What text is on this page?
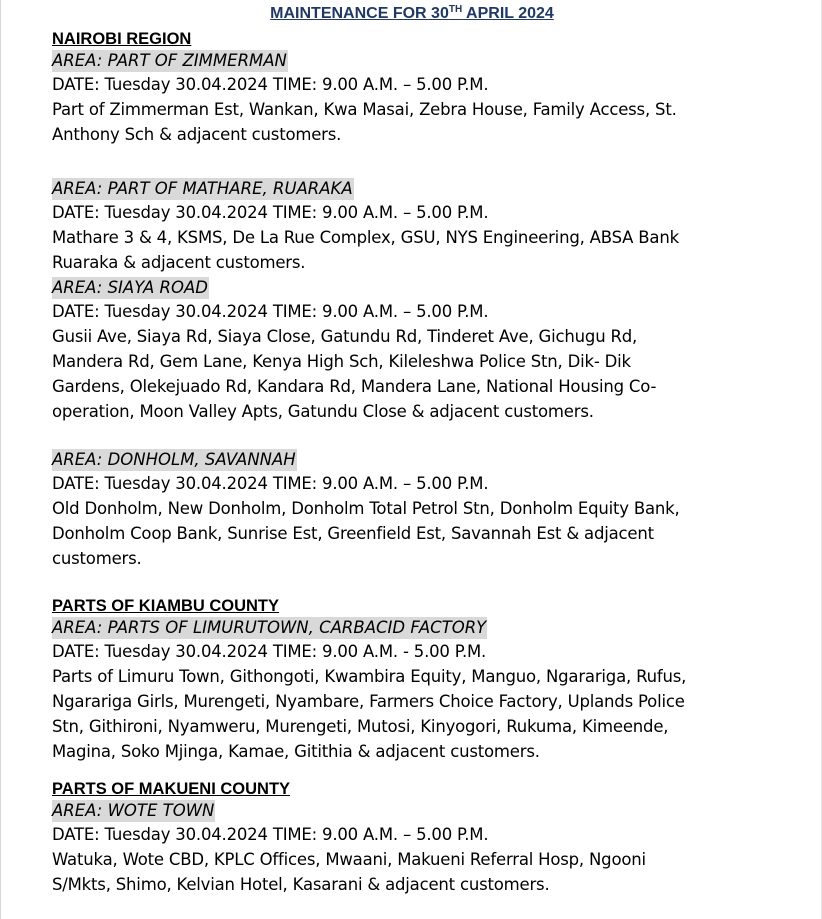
MAINTENANCE FOR 30TH APRIL 2024
NAIROBI REGION
AREA: PART OF ZIMMERMAN
DATE: Tuesday 30.04.2024 TIME: 9.00 A.M. – 5.00 P.M.
Part of Zimmerman Est, Wankan, Kwa Masai, Zebra House, Family Access, St.
Anthony Sch & adjacent customers.
AREA: PART OF MATHARE, RUARAKA
DATE: Tuesday 30.04.2024 TIME: 9.00 A.M. – 5.00 P.M.
Mathare 3 & 4, KSMS, De La Rue Complex, GSU, NYS Engineering, ABSA Bank
Ruaraka & adjacent customers.
AREA: SIAYA ROAD
DATE: Tuesday 30.04.2024 TIME: 9.00 A.M. – 5.00 P.M.
Gusii Ave, Siaya Rd, Siaya Close, Gatundu Rd, Tinderet Ave, Gichugu Rd,
Mandera Rd, Gem Lane, Kenya High Sch, Kileleshwa Police Stn, Dik- Dik
Gardens, Olekejuado Rd, Kandara Rd, Mandera Lane, National Housing Co-
operation, Moon Valley Apts, Gatundu Close & adjacent customers.
AREA: DONHOLM, SAVANNAH
DATE: Tuesday 30.04.2024 TIME: 9.00 A.M. – 5.00 P.M.
Old Donholm, New Donholm, Donholm Total Petrol Stn, Donholm Equity Bank,
Donholm Coop Bank, Sunrise Est, Greenfield Est, Savannah Est & adjacent
customers.
PARTS OF KIAMBU COUNTY
AREA: PARTS OF LIMURUTOWN, CARBACID FACTORY
DATE: Tuesday 30.04.2024 TIME: 9.00 A.M. - 5.00 P.M.
Parts of Limuru Town, Githongoti, Kwambira Equity, Manguo, Ngarariga, Rufus,
Ngarariga Girls, Murengeti, Nyambare, Farmers Choice Factory, Uplands Police
Stn, Githironi, Nyamweru, Murengeti, Mutosi, Kinyogori, Rukuma, Kimeende,
Magina, Soko Mjinga, Kamae, Gitithia & adjacent customers.
PARTS OF MAKUENI COUNTY
AREA: WOTE TOWN
DATE: Tuesday 30.04.2024 TIME: 9.00 A.M. – 5.00 P.M.
Watuka, Wote CBD, KPLC Offices, Mwaani, Makueni Referral Hosp, Ngooni
S/Mkts, Shimo, Kelvian Hotel, Kasarani & adjacent customers.
